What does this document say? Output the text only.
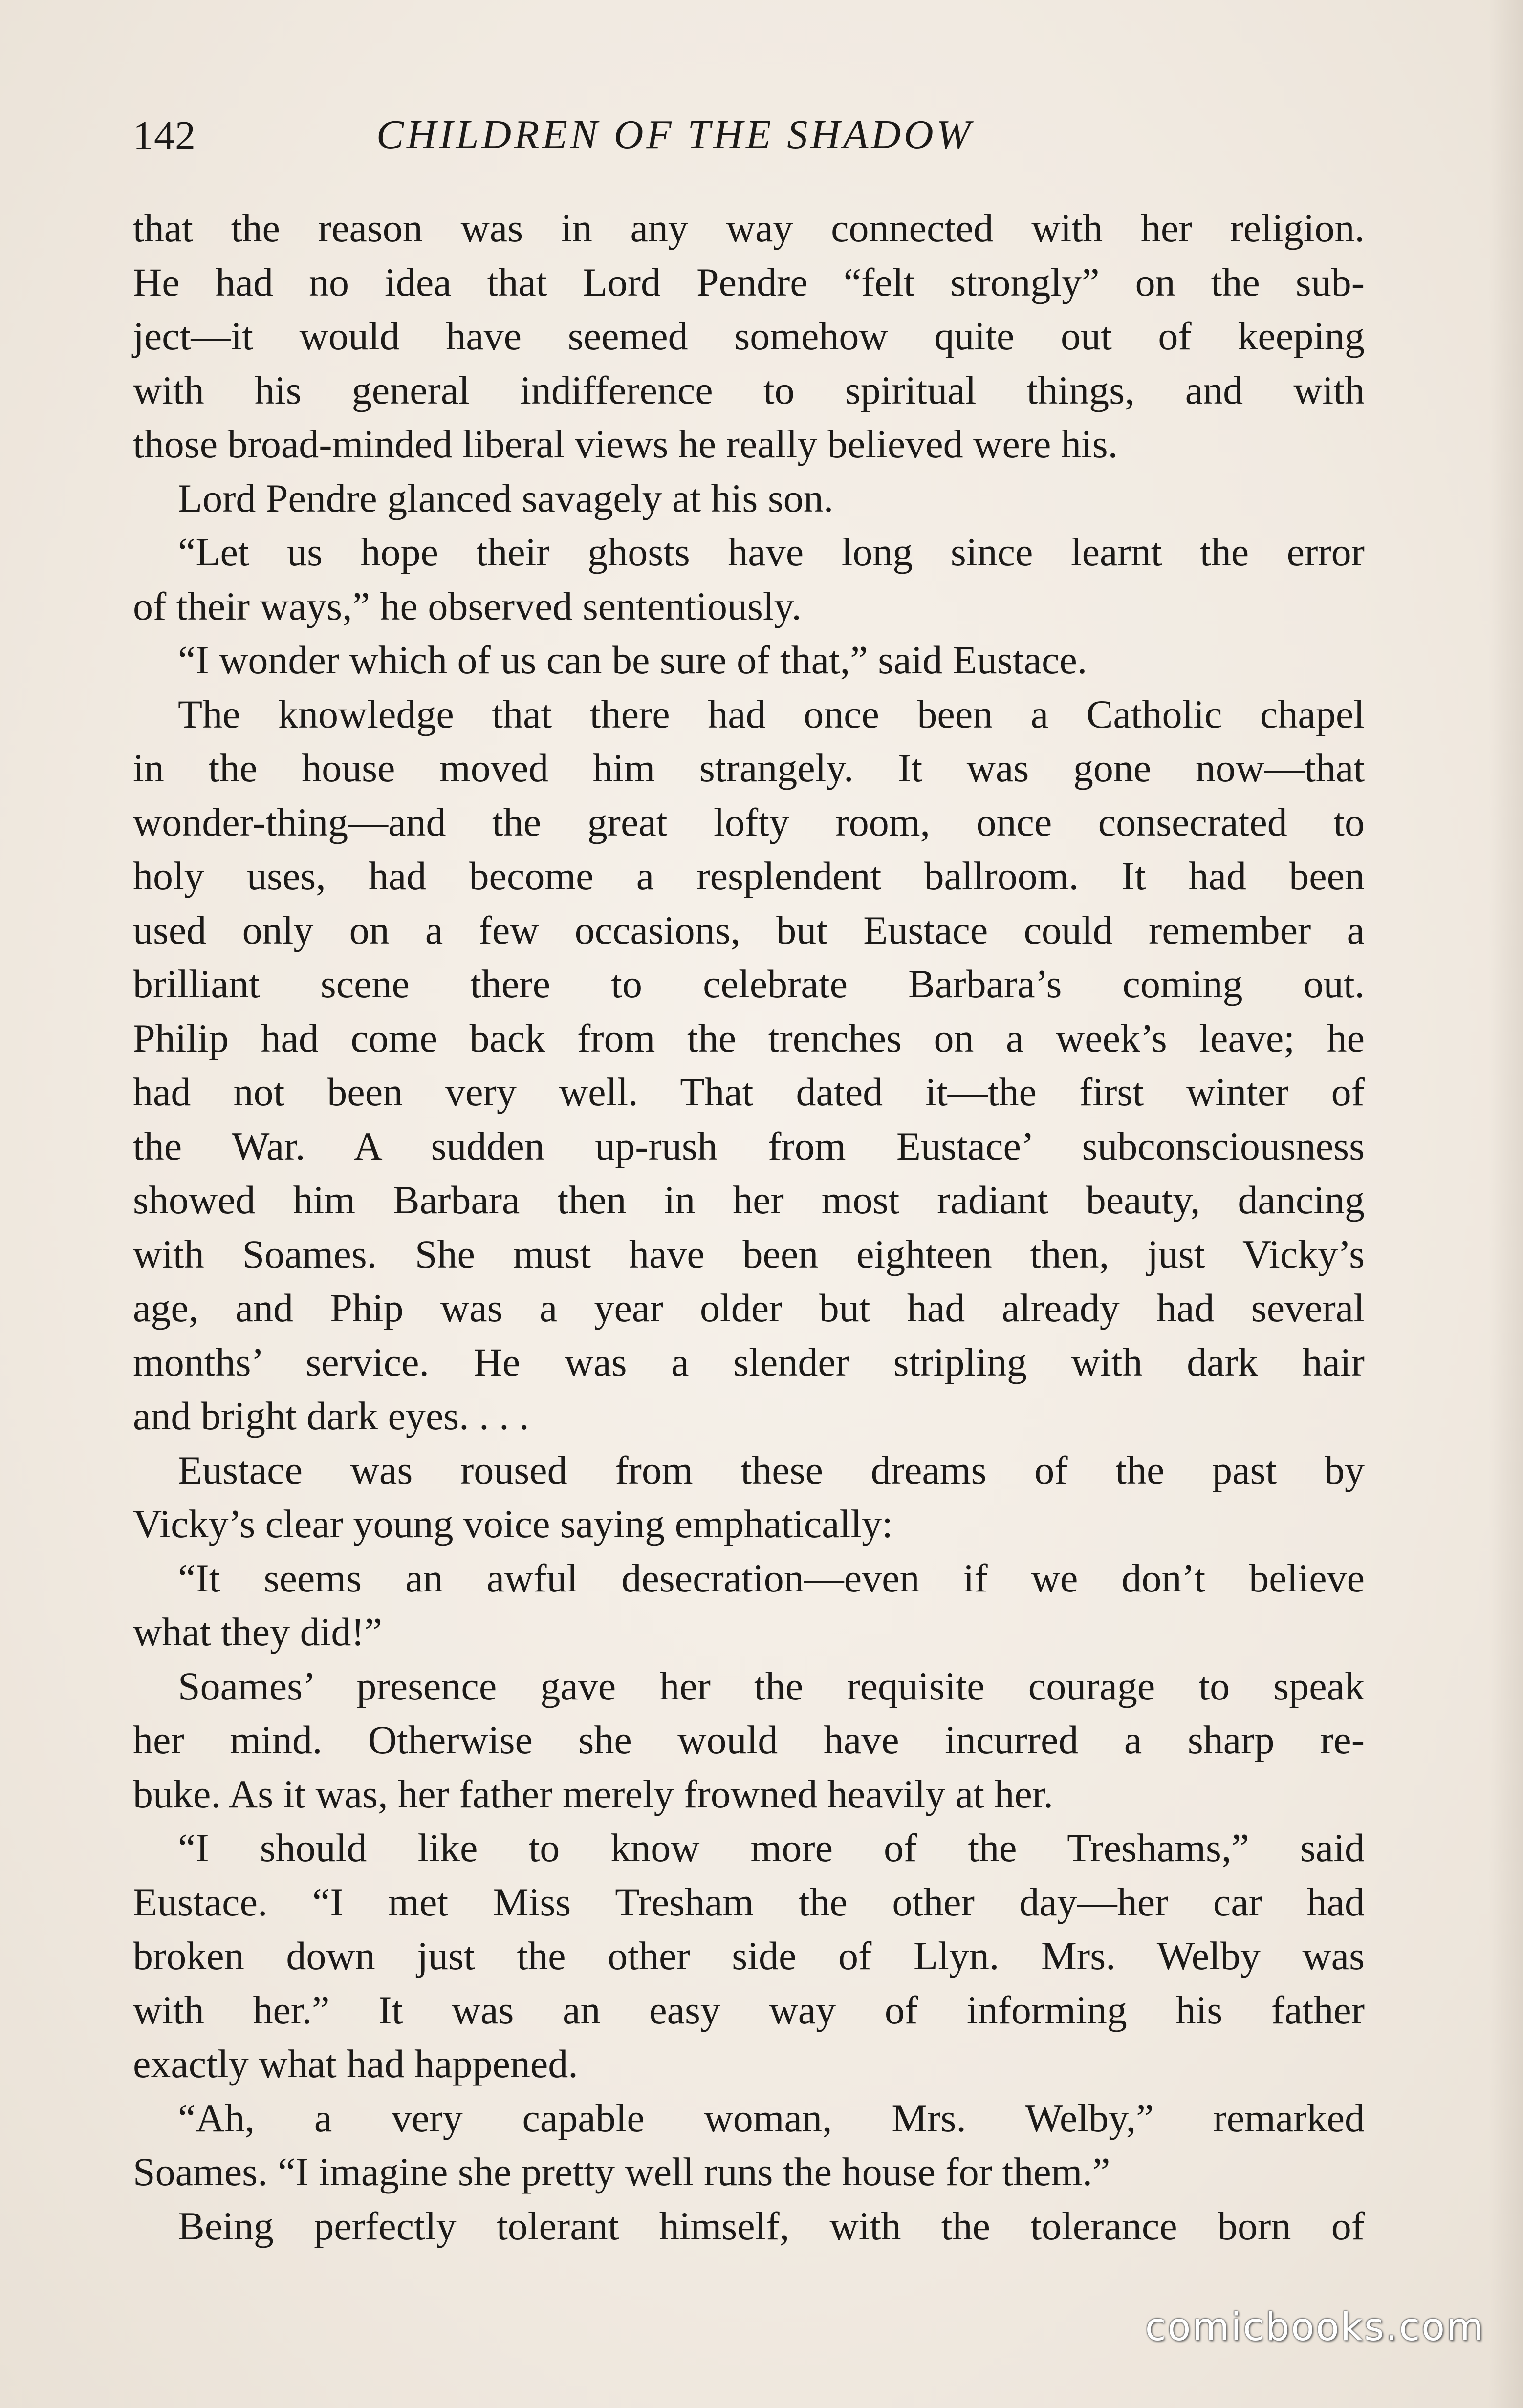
142	CHILDREN OF THE SHADOW
that the reason was in any way connected with her religion.
He had no idea that Lord Pendre “felt strongly” on the sub-
ject—it would have seemed somehow quite out of keeping
with his general indifference to spiritual things, and with
those broad-minded liberal views he really believed were his.
Lord Pendre glanced savagely at his son.
“Let us hope their ghosts have long since learnt the error
of their ways,” he observed sententiously.
“I wonder which of us can be sure of that,” said Eustace.
The knowledge that there had once been a Catholic chapel
in the house moved him strangely. It was gone now—that
wonder-thing—and the great lofty room, once consecrated to
holy uses, had become a resplendent ballroom. It had been
used only on a few occasions, but Eustace could remember a
brilliant scene there to celebrate Barbara’s coming out.
Philip had come back from the trenches on a week’s leave; he
had not been very well. That dated it—the first winter of
the War. A sudden up-rush from Eustace’ subconsciousness
showed him Barbara then in her most radiant beauty, dancing
with Soames. She must have been eighteen then, just Vicky’s
age, and Phip was a year older but had already had several
months’ service. He was a slender stripling with dark hair
and bright dark eyes. . . .
Eustace was roused from these dreams of the past by
Vicky’s clear young voice saying emphatically:
“It seems an awful desecration—even if we don’t believe
what they did!”
Soames’ presence gave her the requisite courage to speak
her mind. Otherwise she would have incurred a sharp re-
buke. As it was, her father merely frowned heavily at her.
“I should like to know more of the Treshams,” said
Eustace. “I met Miss Tresham the other day—her car had
broken down just the other side of Llyn. Mrs. Welby was
with her.” It was an easy way of informing his father
exactly what had happened.
“Ah, a very capable woman, Mrs. Welby,” remarked
Soames. “I imagine she pretty well runs the house for them.”
Being perfectly tolerant himself, with the tolerance born of
comicbooks.com
